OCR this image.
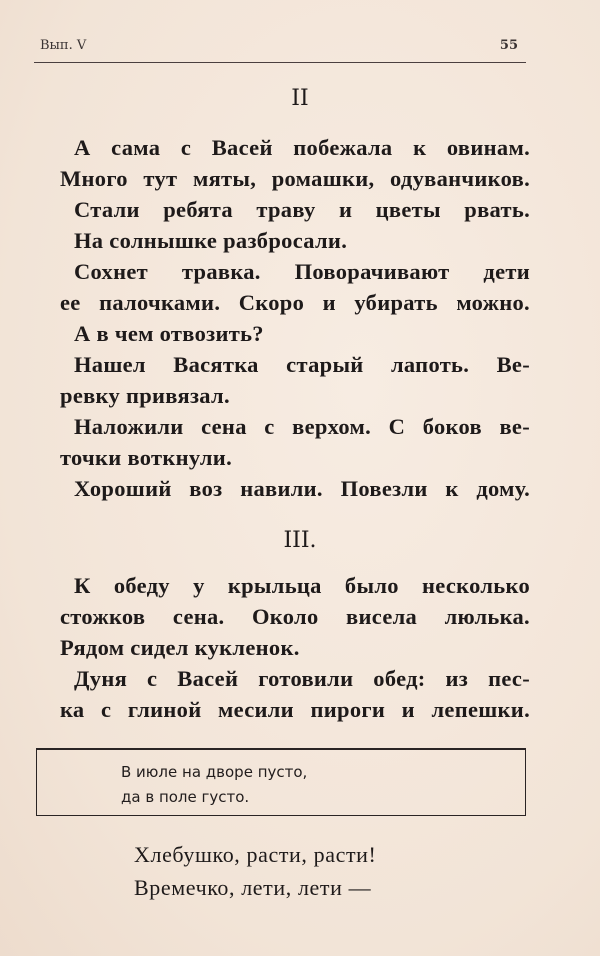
Вып. V	55
II
А сама с Васей побежала к овинам.
Много тут мяты, ромашки, одуванчиков.
Стали ребята траву и цветы рвать.
На солнышке разбросали.
Сохнет травка. Поворачивают дети
ее палочками. Скоро и убирать можно.
А в чем отвозить?
Нашел Васятка старый лапоть. Ве-
ревку привязал.
Наложили сена с верхом. С боков ве-
точки воткнули.
Хороший воз навили. Повезли к дому.
III.
К обеду у крыльца было несколько
стожков сена. Около висела люлька.
Рядом сидел кукленок.
Дуня с Васей готовили обед: из пес-
ка с глиной месили пироги и лепешки.
В июле на дворе пусто,
да в поле густо.
Хлебушко, расти, расти!
Времечко, лети, лети —
